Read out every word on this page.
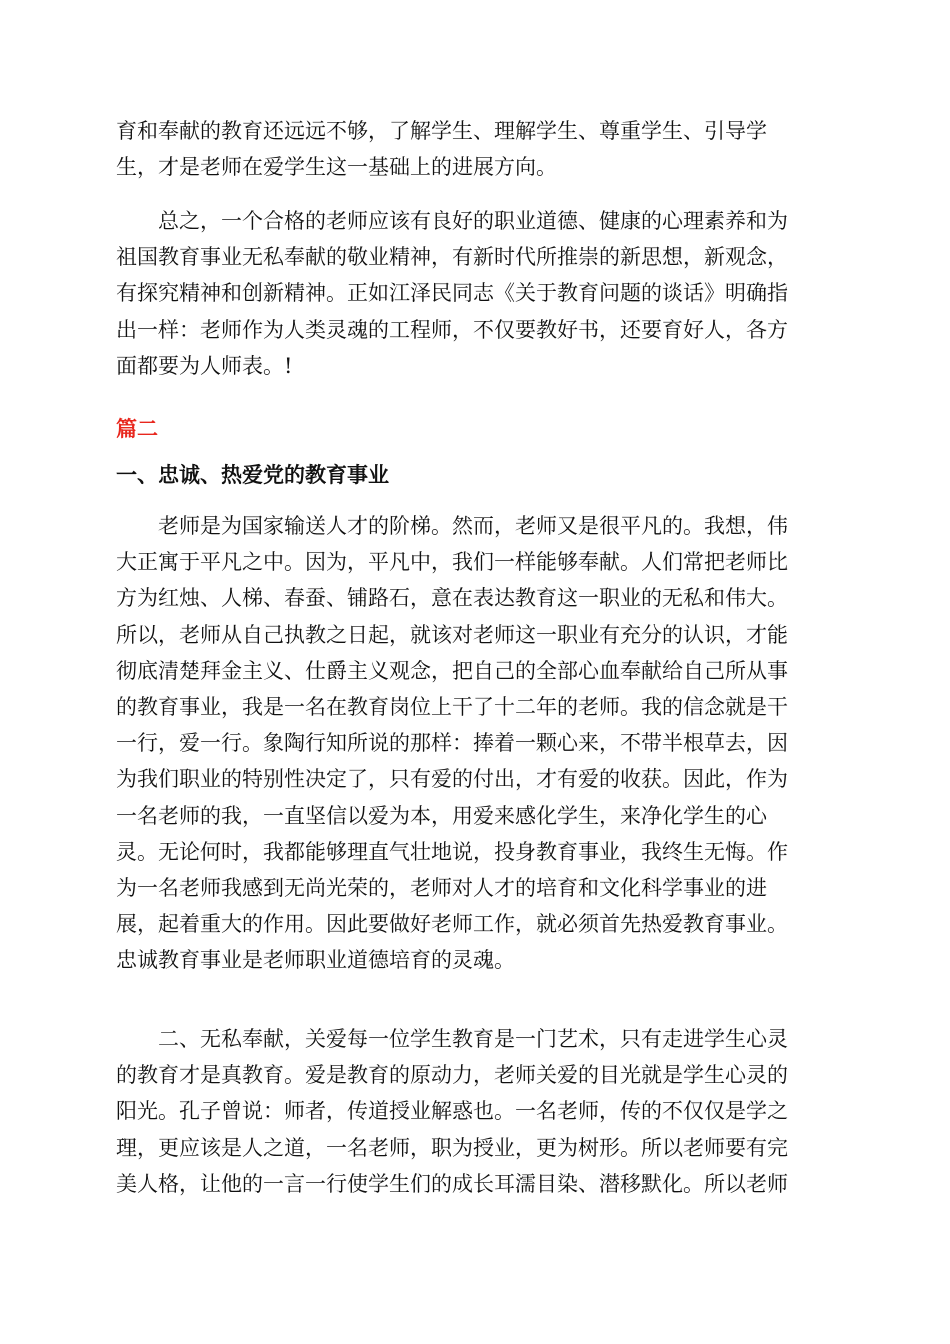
育和奉献的教育还远远不够，了解学生、理解学生、尊重学生、引导学
生，才是老师在爱学生这一基础上的进展方向。
总之，一个合格的老师应该有良好的职业道德、健康的心理素养和为
祖国教育事业无私奉献的敬业精神，有新时代所推崇的新思想，新观念，
有探究精神和创新精神。正如江泽民同志《关于教育问题的谈话》明确指
出一样：老师作为人类灵魂的工程师，不仅要教好书，还要育好人，各方
面都要为人师表。!
篇二
一、忠诚、热爱党的教育事业
老师是为国家输送人才的阶梯。然而，老师又是很平凡的。我想，伟
大正寓于平凡之中。因为，平凡中，我们一样能够奉献。人们常把老师比
方为红烛、人梯、春蚕、铺路石，意在表达教育这一职业的无私和伟大。
所以，老师从自己执教之日起，就该对老师这一职业有充分的认识，才能
彻底清楚拜金主义、仕爵主义观念，把自己的全部心血奉献给自己所从事
的教育事业，我是一名在教育岗位上干了十二年的老师。我的信念就是干
一行，爱一行。象陶行知所说的那样：捧着一颗心来，不带半根草去，因
为我们职业的特别性决定了，只有爱的付出，才有爱的收获。因此，作为
一名老师的我，一直坚信以爱为本，用爱来感化学生，来净化学生的心
灵。无论何时，我都能够理直气壮地说，投身教育事业，我终生无悔。作
为一名老师我感到无尚光荣的，老师对人才的培育和文化科学事业的进
展，起着重大的作用。因此要做好老师工作，就必须首先热爱教育事业。
忠诚教育事业是老师职业道德培育的灵魂。
二、无私奉献，关爱每一位学生教育是一门艺术，只有走进学生心灵
的教育才是真教育。爱是教育的原动力，老师关爱的目光就是学生心灵的
阳光。孔子曾说：师者，传道授业解惑也。一名老师，传的不仅仅是学之
理，更应该是人之道，一名老师，职为授业，更为树形。所以老师要有完
美人格，让他的一言一行使学生们的成长耳濡目染、潜移默化。所以老师
